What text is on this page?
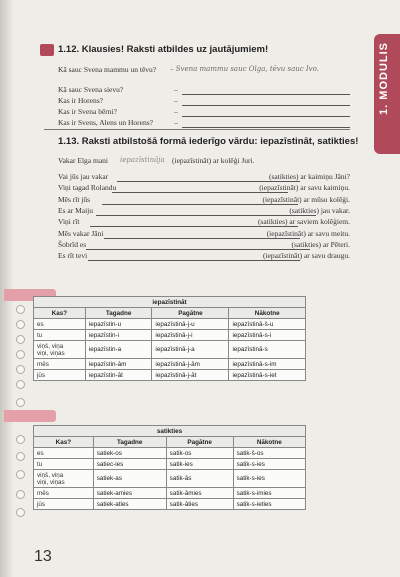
1. MODULIS
1.12. Klausies! Raksti atbildes uz jautājumiem!
Kā sauc Svena mammu un tēvu? – Svena mammu sauc Olga, tēvu sauc Ivo.
Kā sauc Svena sievu?	–
Kas ir Horens?	–
Kas ir Svena bērni?	–
Kas ir Svens, Alens un Horens?	–
1.13. Raksti atbilstošā formā iederīgo vārdu: iepazīstināt, satikties!
Vakar Elga mani iepazīstināja (iepazīstināt) ar kolēģi Juri.
Vai jūs jau vakar	(satikties) ar kaimiņu Jāni?
Viņi tagad Rolandu	(iepazīstināt) ar savu kaimiņu.
Mēs rīt jūs	(iepazīstināt) ar mūsu kolēģi.
Es ar Maiju	(satikties) jau vakar.
Viņi rīt	(satikties) ar saviem kolēģiem.
Mēs vakar Jāni	(iepazīstināt) ar savu meitu.
Šobrīd es	(satikties) ar Pēteri.
Es rīt tevi	(iepazīstināt) ar savu draugu.
iepazīstināt			
Kas?	Tagadne	Pagātne	Nākotne
es	iepazīstin-u	iepazīstinā-j-u	iepazīstinā-š-u
tu	iepazīstin-i	iepazīstinā-j-i	iepazīstinā-s-i
viņš, viņa
viņi, viņas	iepazīstin-a	iepazīstinā-j-a	iepazīstinā-s
mēs	iepazīstin-ām	iepazīstinā-j-ām	iepazīstinā-s-im
jūs	iepazīstin-āt	iepazīstinā-j-āt	iepazīstinā-s-iet
satikties			
Kas?	Tagadne	Pagātne	Nākotne
es	satiek-os	satik-os	satik-š-os
tu	satiec-ies	satik-ies	satik-s-ies
viņš, viņa
viņi, viņas	satiek-as	satik-ās	satik-s-ies
mēs	satiek-amies	satik-āmies	satik-s-imies
jūs	satiek-aties	satik-āties	satik-s-ieties
13
